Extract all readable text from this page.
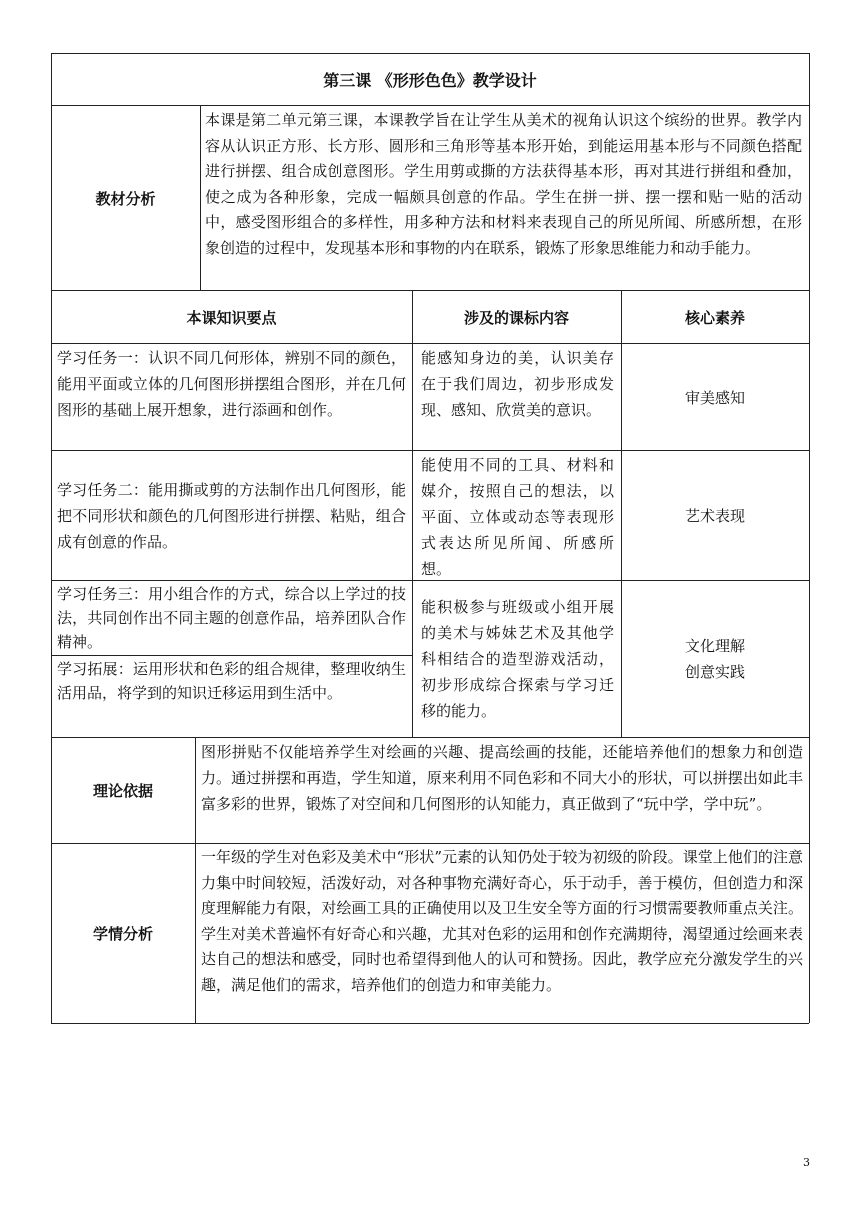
第三课 《形形色色》教学设计
教材分析
本课是第二单元第三课，本课教学旨在让学生从美术的视角认识这个缤纷的世界。教学内容从认识正方形、长方形、圆形和三角形等基本形开始，到能运用基本形与不同颜色搭配进行拼摆、组合成创意图形。学生用剪或撕的方法获得基本形，再对其进行拼组和叠加，使之成为各种形象，完成一幅颇具创意的作品。学生在拼一拼、摆一摆和贴一贴的活动中，感受图形组合的多样性，用多种方法和材料来表现自己的所见所闻、所感所想，在形象创造的过程中，发现基本形和事物的内在联系，锻炼了形象思维能力和动手能力。
本课知识要点	涉及的课标内容	核心素养
学习任务一：认识不同几何形体，辨别不同的颜色，能用平面或立体的几何图形拼摆组合图形，并在几何图形的基础上展开想象，进行添画和创作。
能感知身边的美，认识美存在于我们周边，初步形成发现、感知、欣赏美的意识。
审美感知
学习任务二：能用撕或剪的方法制作出几何图形，能把不同形状和颜色的几何图形进行拼摆、粘贴，组合成有创意的作品。
能使用不同的工具、材料和媒介，按照自己的想法，以平面、立体或动态等表现形式表达所见所闻、所感所想。
艺术表现
学习任务三：用小组合作的方式，综合以上学过的技法，共同创作出不同主题的创意作品，培养团队合作精神。
学习拓展：运用形状和色彩的组合规律，整理收纳生活用品，将学到的知识迁移运用到生活中。
能积极参与班级或小组开展的美术与姊妹艺术及其他学科相结合的造型游戏活动，初步形成综合探索与学习迁移的能力。
文化理解
创意实践
理论依据
图形拼贴不仅能培养学生对绘画的兴趣、提高绘画的技能，还能培养他们的想象力和创造力。通过拼摆和再造，学生知道，原来利用不同色彩和不同大小的形状，可以拼摆出如此丰富多彩的世界，锻炼了对空间和几何图形的认知能力，真正做到了“玩中学，学中玩”。
学情分析
一年级的学生对色彩及美术中“形状”元素的认知仍处于较为初级的阶段。课堂上他们的注意力集中时间较短，活泼好动，对各种事物充满好奇心，乐于动手，善于模仿，但创造力和深度理解能力有限，对绘画工具的正确使用以及卫生安全等方面的行习惯需要教师重点关注。学生对美术普遍怀有好奇心和兴趣，尤其对色彩的运用和创作充满期待，渴望通过绘画来表达自己的想法和感受，同时也希望得到他人的认可和赞扬。因此，教学应充分激发学生的兴趣，满足他们的需求，培养他们的创造力和审美能力。
3
